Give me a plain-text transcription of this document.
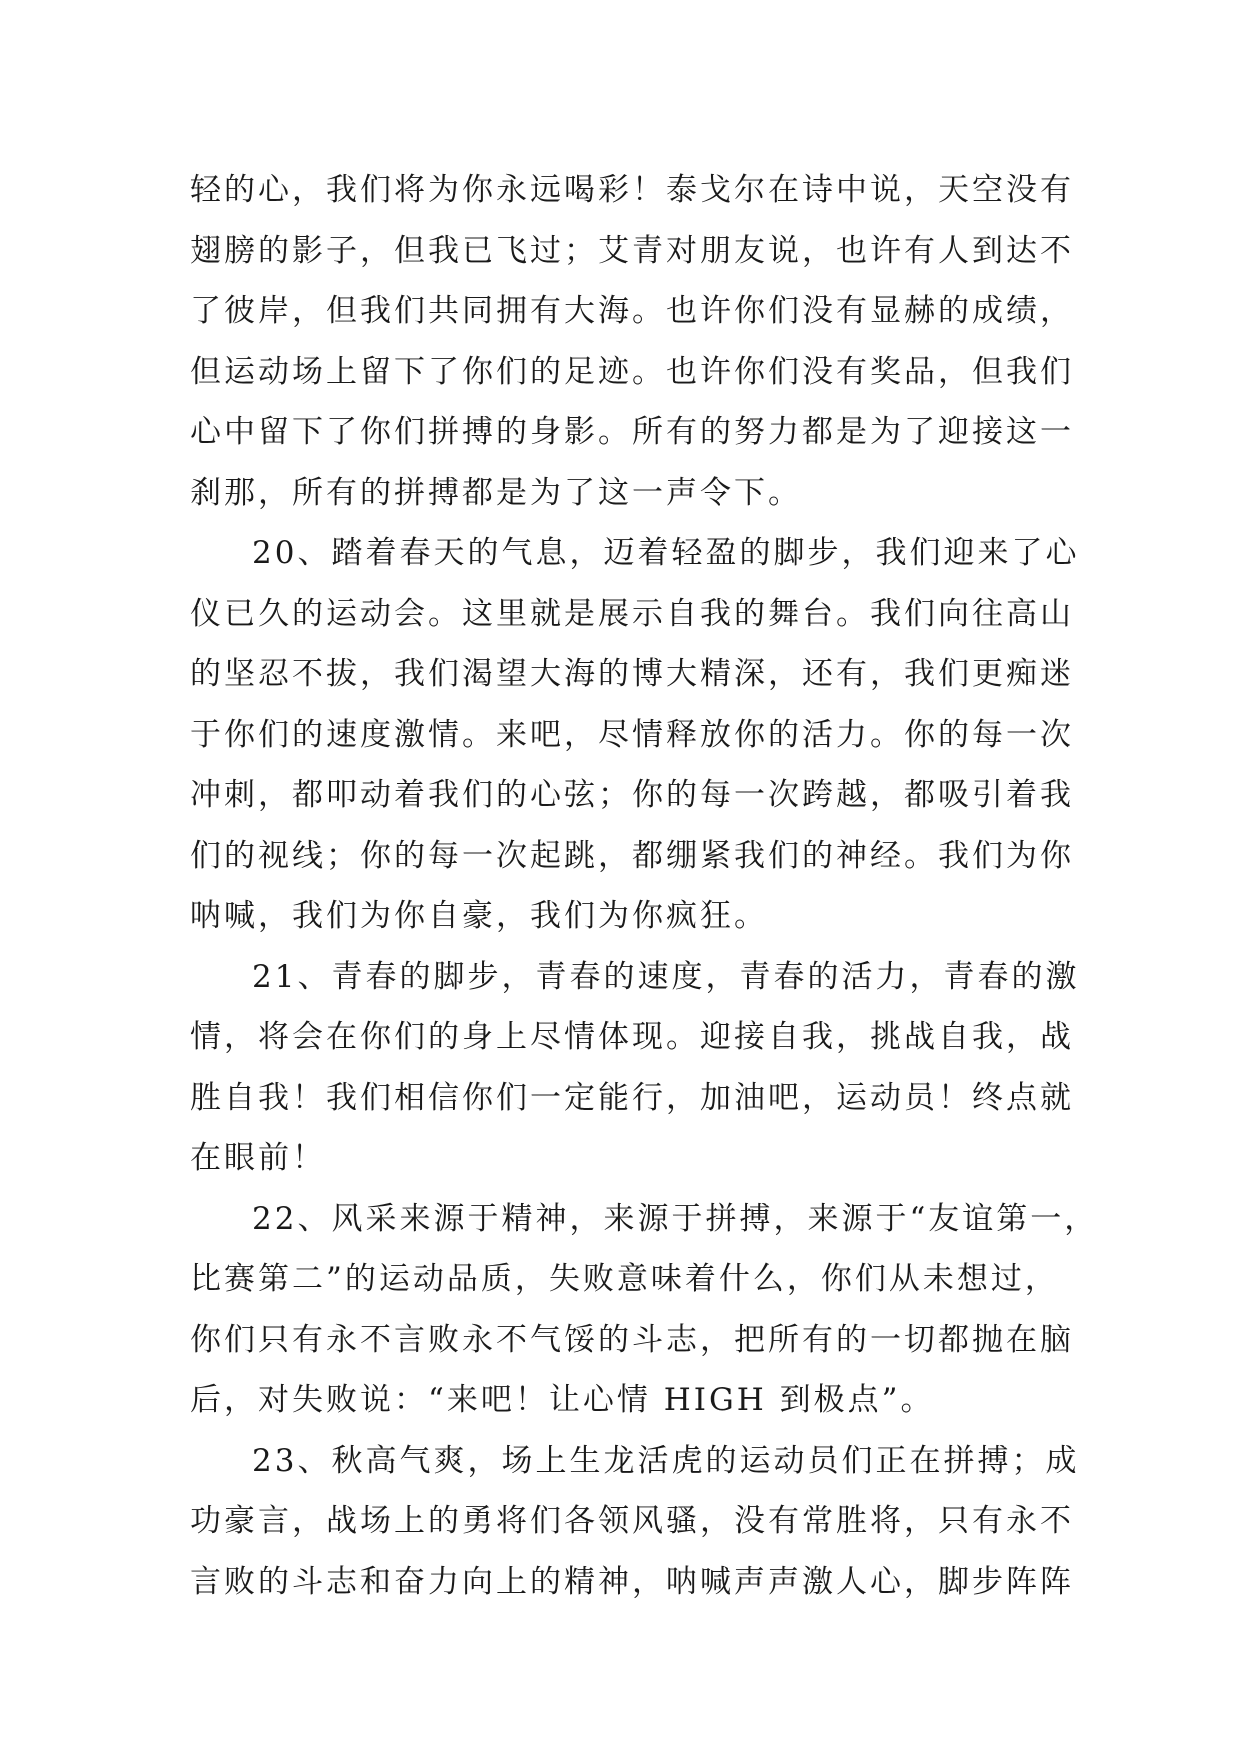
轻的心，我们将为你永远喝彩！泰戈尔在诗中说，天空没有
翅膀的影子，但我已飞过；艾青对朋友说，也许有人到达不
了彼岸，但我们共同拥有大海。也许你们没有显赫的成绩，
但运动场上留下了你们的足迹。也许你们没有奖品，但我们
心中留下了你们拼搏的身影。所有的努力都是为了迎接这一
刹那，所有的拼搏都是为了这一声令下。
20、踏着春天的气息，迈着轻盈的脚步，我们迎来了心
仪已久的运动会。这里就是展示自我的舞台。我们向往高山
的坚忍不拔，我们渴望大海的博大精深，还有，我们更痴迷
于你们的速度激情。来吧，尽情释放你的活力。你的每一次
冲刺，都叩动着我们的心弦；你的每一次跨越，都吸引着我
们的视线；你的每一次起跳，都绷紧我们的神经。我们为你
呐喊，我们为你自豪，我们为你疯狂。
21、青春的脚步，青春的速度，青春的活力，青春的激
情，将会在你们的身上尽情体现。迎接自我，挑战自我，战
胜自我！我们相信你们一定能行，加油吧，运动员！终点就
在眼前！
22、风采来源于精神，来源于拼搏，来源于“友谊第一，
比赛第二”的运动品质，失败意味着什么，你们从未想过，
你们只有永不言败永不气馁的斗志，把所有的一切都抛在脑
后，对失败说：“来吧！让心情 HIGH 到极点”。
23、秋高气爽，场上生龙活虎的运动员们正在拼搏；成
功豪言，战场上的勇将们各领风骚，没有常胜将，只有永不
言败的斗志和奋力向上的精神，呐喊声声激人心，脚步阵阵
